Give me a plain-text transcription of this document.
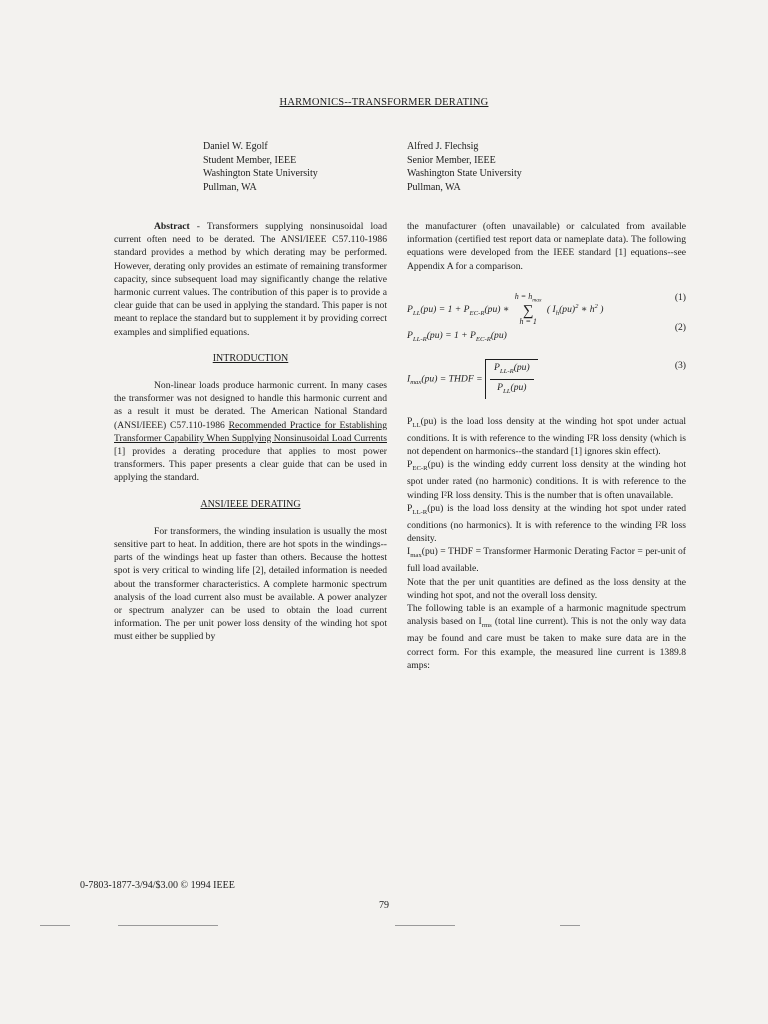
HARMONICS--TRANSFORMER DERATING
Daniel W. Egolf
Student Member, IEEE
Washington State University
Pullman, WA
Alfred J. Flechsig
Senior Member, IEEE
Washington State University
Pullman, WA

Abstract - Transformers supplying nonsinusoidal load current often need to be derated. The ANSI/IEEE C57.110-1986 standard provides a method by which derating may be performed. However, derating only provides an estimate of remaining transformer capacity, since subsequent load may significantly change the relative harmonic current values. The contribution of this paper is to provide a clear guide that can be used in applying the standard. This paper is not meant to replace the standard but to supplement it by providing correct examples and simplified equations.

INTRODUCTION

Non-linear loads produce harmonic current. In many cases the transformer was not designed to handle this harmonic current and as a result it must be derated. The American National Standard (ANSI/IEEE) C57.110-1986 Recommended Practice for Establishing Transformer Capability When Supplying Nonsinusoidal Load Currents [1] provides a derating procedure that applies to most power transformers. This paper presents a clear guide that can be used in applying the standard.

ANSI/IEEE DERATING

For transformers, the winding insulation is usually the most sensitive part to heat. In addition, there are hot spots in the windings--parts of the windings heat up faster than others. Because the hottest spot is very critical to winding life [2], detailed information is needed about the transformer characteristics. A complete harmonic spectrum analysis of the load current also must be available. A power analyzer or spectrum analyzer can be used to obtain the load current information. The per unit power loss density of the winding hot spot must either be supplied by

the manufacturer (often unavailable) or calculated from available information (certified test report data or nameplate data). The following equations were developed from the IEEE standard [1] equations--see Appendix A for a comparison.

$P_{LL}(pu) = 1 + P_{EC-R}(pu)$ ∗
$h = h_{max}$
∑
h = 1
( $I_h(pu)^2$ ∗ $h^2$ )
(1)
$P_{LL-R}(pu) = 1 + P_{EC-R}(pu)$
(2)
$I_{max}(pu)$ = THDF = $\frac{P_{LL-R}(pu)}{P_{LL}(pu)}$	(3)

$P_{LL}(pu)$ is the load loss density at the winding hot spot under actual conditions. It is with reference to the winding I²R loss density (which is not dependent on harmonics--the standard [1] ignores skin effect).

$P_{EC-R}(pu)$ is the winding eddy current loss density at the winding hot spot under rated (no harmonic) conditions. It is with reference to the winding I²R loss density. This is the number that is often unavailable.

$P_{LL-R}(pu)$ is the load loss density at the winding hot spot under rated conditions (no harmonics). It is with reference to the winding I²R loss density.

$I_{max}(pu)$ = THDF = Transformer Harmonic Derating Factor = per-unit of full load available.

Note that the per unit quantities are defined as the loss density at the winding hot spot, and not the overall loss density.

The following table is an example of a harmonic magnitude spectrum analysis based on $I_{rms}$ (total line current). This is not the only way data may be found and care must be taken to make sure data are in the correct form. For this example, the measured line current is 1389.8 amps:

0-7803-1877-3/94/$3.00 © 1994 IEEE
79
